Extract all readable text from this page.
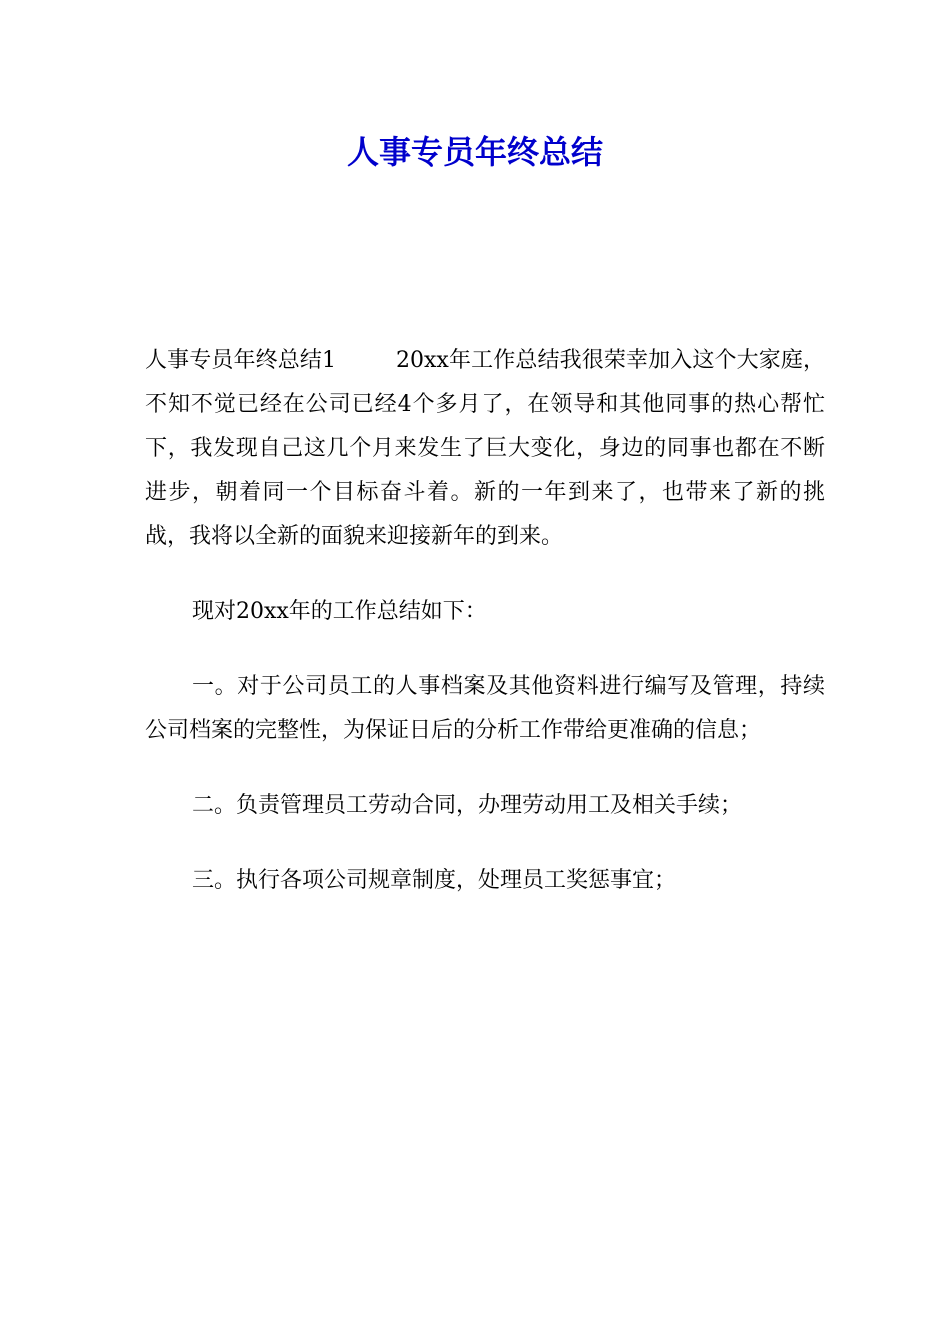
人事专员年终总结

人事专员年终总结1	20xx年工作总结我很荣幸加入这个大家庭，不知不觉已经在公司已经4个多月了，在领导和其他同事的热心帮忙下，我发现自己这几个月来发生了巨大变化，身边的同事也都在不断进步，朝着同一个目标奋斗着。新的一年到来了，也带来了新的挑战，我将以全新的面貌来迎接新年的到来。

现对20xx年的工作总结如下：

一。对于公司员工的人事档案及其他资料进行编写及管理，持续公司档案的完整性，为保证日后的分析工作带给更准确的信息；

二。负责管理员工劳动合同，办理劳动用工及相关手续；

三。执行各项公司规章制度，处理员工奖惩事宜；
